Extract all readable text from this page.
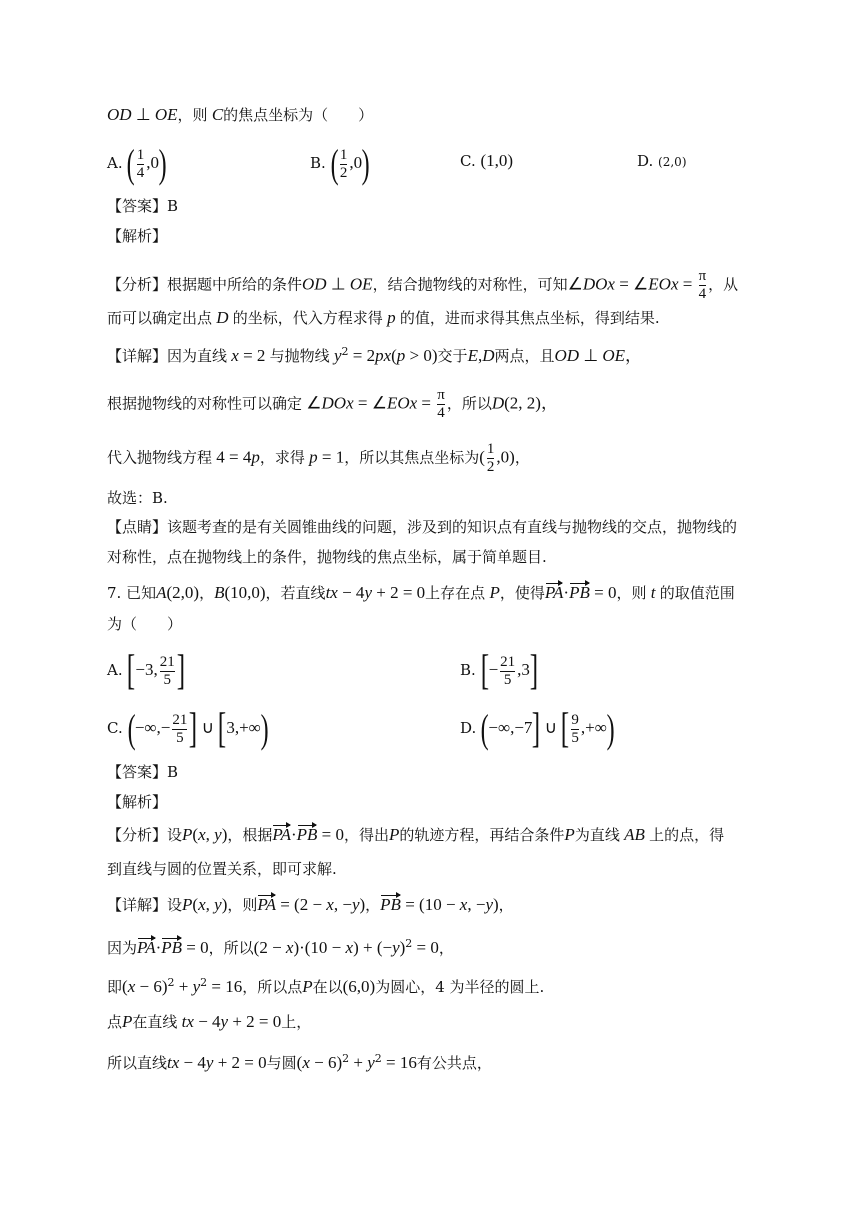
OD ⊥ OE，则 C的焦点坐标为（　　）
A. ( $\frac{1}{4} ,0$)	B. ( $\frac{1}{2} ,0$)	C. (1,0)	D. (2,0)
【答案】B
【解析】
【分析】根据题中所给的条件OD ⊥ OE，结合抛物线的对称性，可知∠DOx = ∠EOx = $\frac{\pi}{4}$ ，从
而可以确定出点 D 的坐标，代入方程求得 p 的值，进而求得其焦点坐标，得到结果.
【详解】因为直线 x = 2 与抛物线 $y^2 = 2px(p > 0)$交于E,D两点，且OD ⊥ OE，
根据抛物线的对称性可以确定 ∠DOx = ∠EOx = $\frac{\pi}{4}$ ，所以D(2, 2)，
代入抛物线方程 4 = 4p，求得 p = 1，所以其焦点坐标为( $\frac{1}{2} ,0$)，
故选：B.
【点睛】该题考查的是有关圆锥曲线的问题，涉及到的知识点有直线与抛物线的交点，抛物线的
对称性，点在抛物线上的条件，抛物线的焦点坐标，属于简单题目.
7. 已知A(2,0)，B(10,0)，若直线tx − 4y + 2 = 0上存在点 P，使得PA·PB = 0，则 t 的取值范围
为（　　）
A. [−3, $\frac{21}{5}$ ]	B. [− $\frac{21}{5} ,3$]
C. (−∞,− $\frac{21}{5}$ ] ∪ [3,+∞)	D. (−∞,−7] ∪ [ $\frac{9}{5}$ ,+∞)
【答案】B
【解析】
【分析】设P(x, y)，根据PA·PB = 0，得出P的轨迹方程，再结合条件P为直线 AB 上的点，得
到直线与圆的位置关系，即可求解.
【详解】设P(x, y)，则PA = (2 − x, −y)，PB = (10 − x, −y)，
因为PA·PB = 0，所以$(2 - x)\cdot(10 - x) + (-y)^2 = 0$，
即$(x - 6)^2 + y^2 = 16$，所以点P在以(6,0)为圆心，4 为半径的圆上.
点P在直线 tx − 4y + 2 = 0上，
所以直线tx − 4y + 2 = 0与圆$(x - 6)^2 + y^2 = 16$有公共点，
